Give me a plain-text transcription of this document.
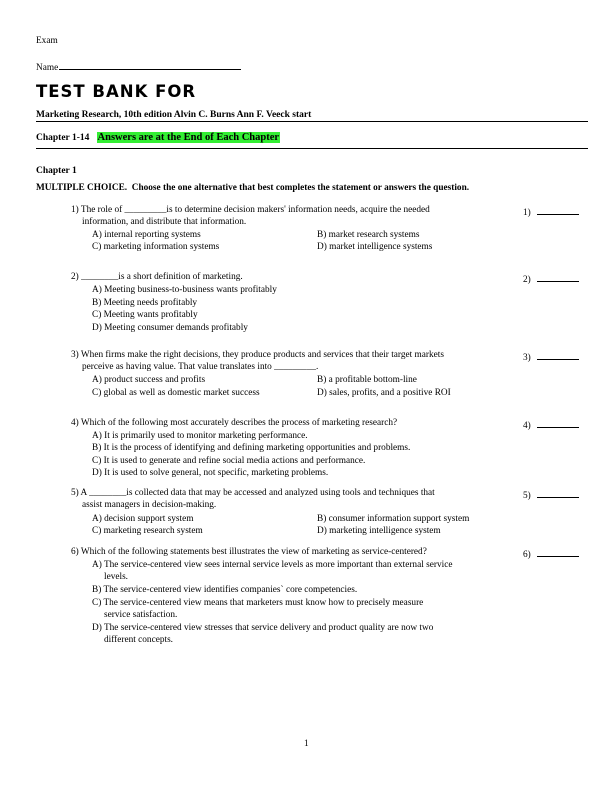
Exam
Name
TEST BANK FOR
Marketing Research, 10th edition Alvin C. Burns Ann F. Veeck start
Chapter 1-14 Answers are at the End of Each Chapter
Chapter 1
MULTIPLE CHOICE. Choose the one alternative that best completes the statement or answers the question.
1) The role of _________is to determine decision makers' information needs, acquire the needed
information, and distribute that information.
A) internal reporting systems	B) market research systems
C) marketing information systems	D) market intelligence systems
1)
2) ________is a short definition of marketing.
A) Meeting business-to-business wants profitably
B) Meeting needs profitably
C) Meeting wants profitably
D) Meeting consumer demands profitably
2)
3) When firms make the right decisions, they produce products and services that their target markets
perceive as having value. That value translates into _________.
A) product success and profits	B) a profitable bottom-line
C) global as well as domestic market success	D) sales, profits, and a positive ROI
3)
4) Which of the following most accurately describes the process of marketing research?
A) It is primarily used to monitor marketing performance.
B) It is the process of identifying and defining marketing opportunities and problems.
C) It is used to generate and refine social media actions and performance.
D) It is used to solve general, not specific, marketing problems.
4)
5) A ________is collected data that may be accessed and analyzed using tools and techniques that
assist managers in decision-making.
A) decision support system	B) consumer information support system
C) marketing research system	D) marketing intelligence system
5)
6) Which of the following statements best illustrates the view of marketing as service-centered?
A) The service-centered view sees internal service levels as more important than external service
levels.
B) The service-centered view identifies companies` core competencies.
C) The service-centered view means that marketers must know how to precisely measure
service satisfaction.
D) The service-centered view stresses that service delivery and product quality are now two
different concepts.
6)
1
